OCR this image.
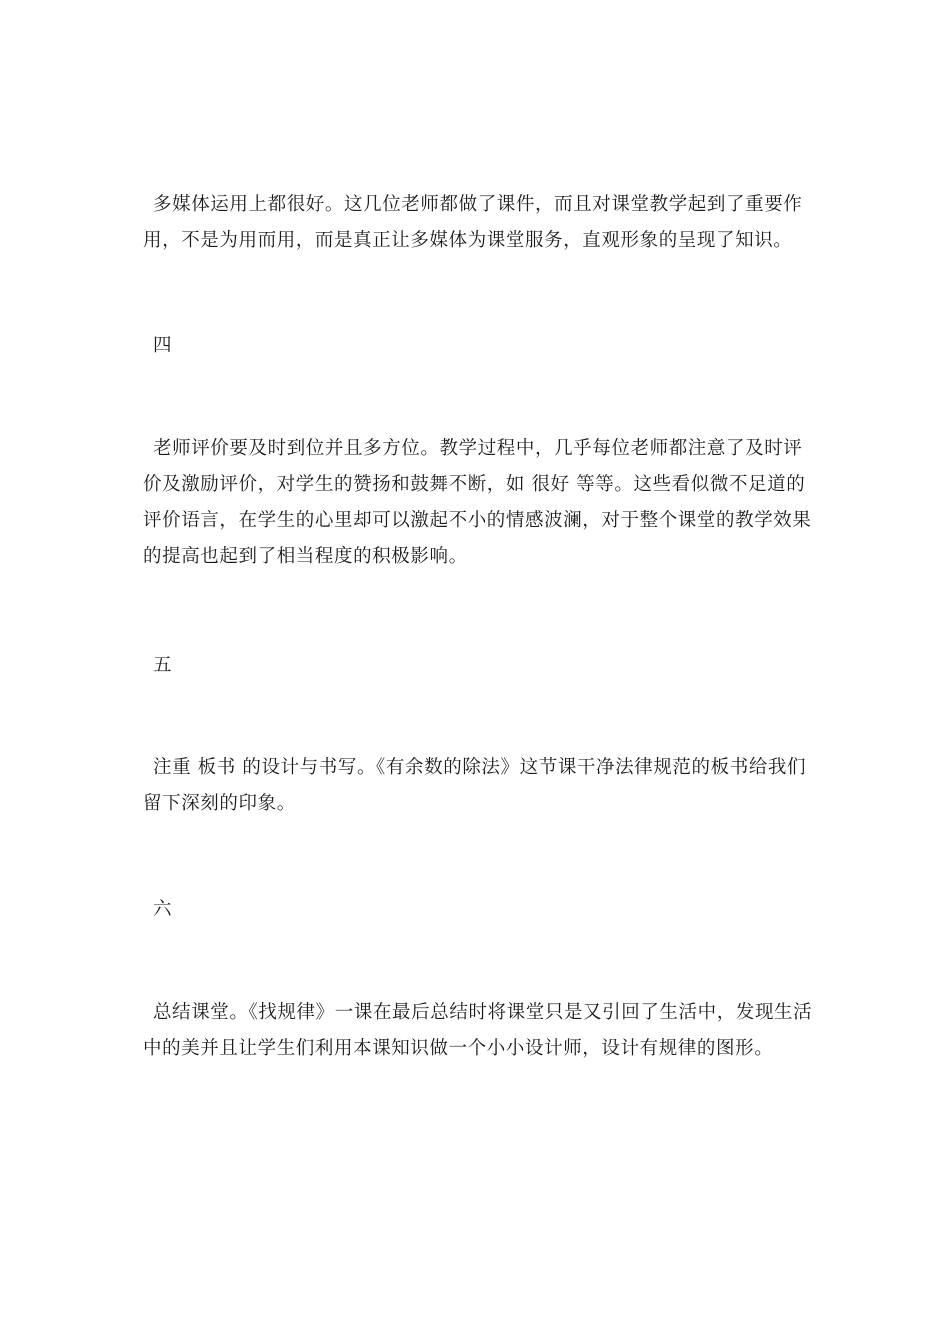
多媒体运用上都很好。这几位老师都做了课件，而且对课堂教学起到了重要作用，不是为用而用，而是真正让多媒体为课堂服务，直观形象的呈现了知识。
四
老师评价要及时到位并且多方位。教学过程中，几乎每位老师都注意了及时评价及激励评价，对学生的赞扬和鼓舞不断，如 很好 等等。这些看似微不足道的评价语言，在学生的心里却可以激起不小的情感波澜，对于整个课堂的教学效果的提高也起到了相当程度的积极影响。
五
注重 板书 的设计与书写。《有余数的除法》这节课干净法律规范的板书给我们留下深刻的印象。
六
总结课堂。《找规律》一课在最后总结时将课堂只是又引回了生活中，发现生活中的美并且让学生们利用本课知识做一个小小设计师，设计有规律的图形。
